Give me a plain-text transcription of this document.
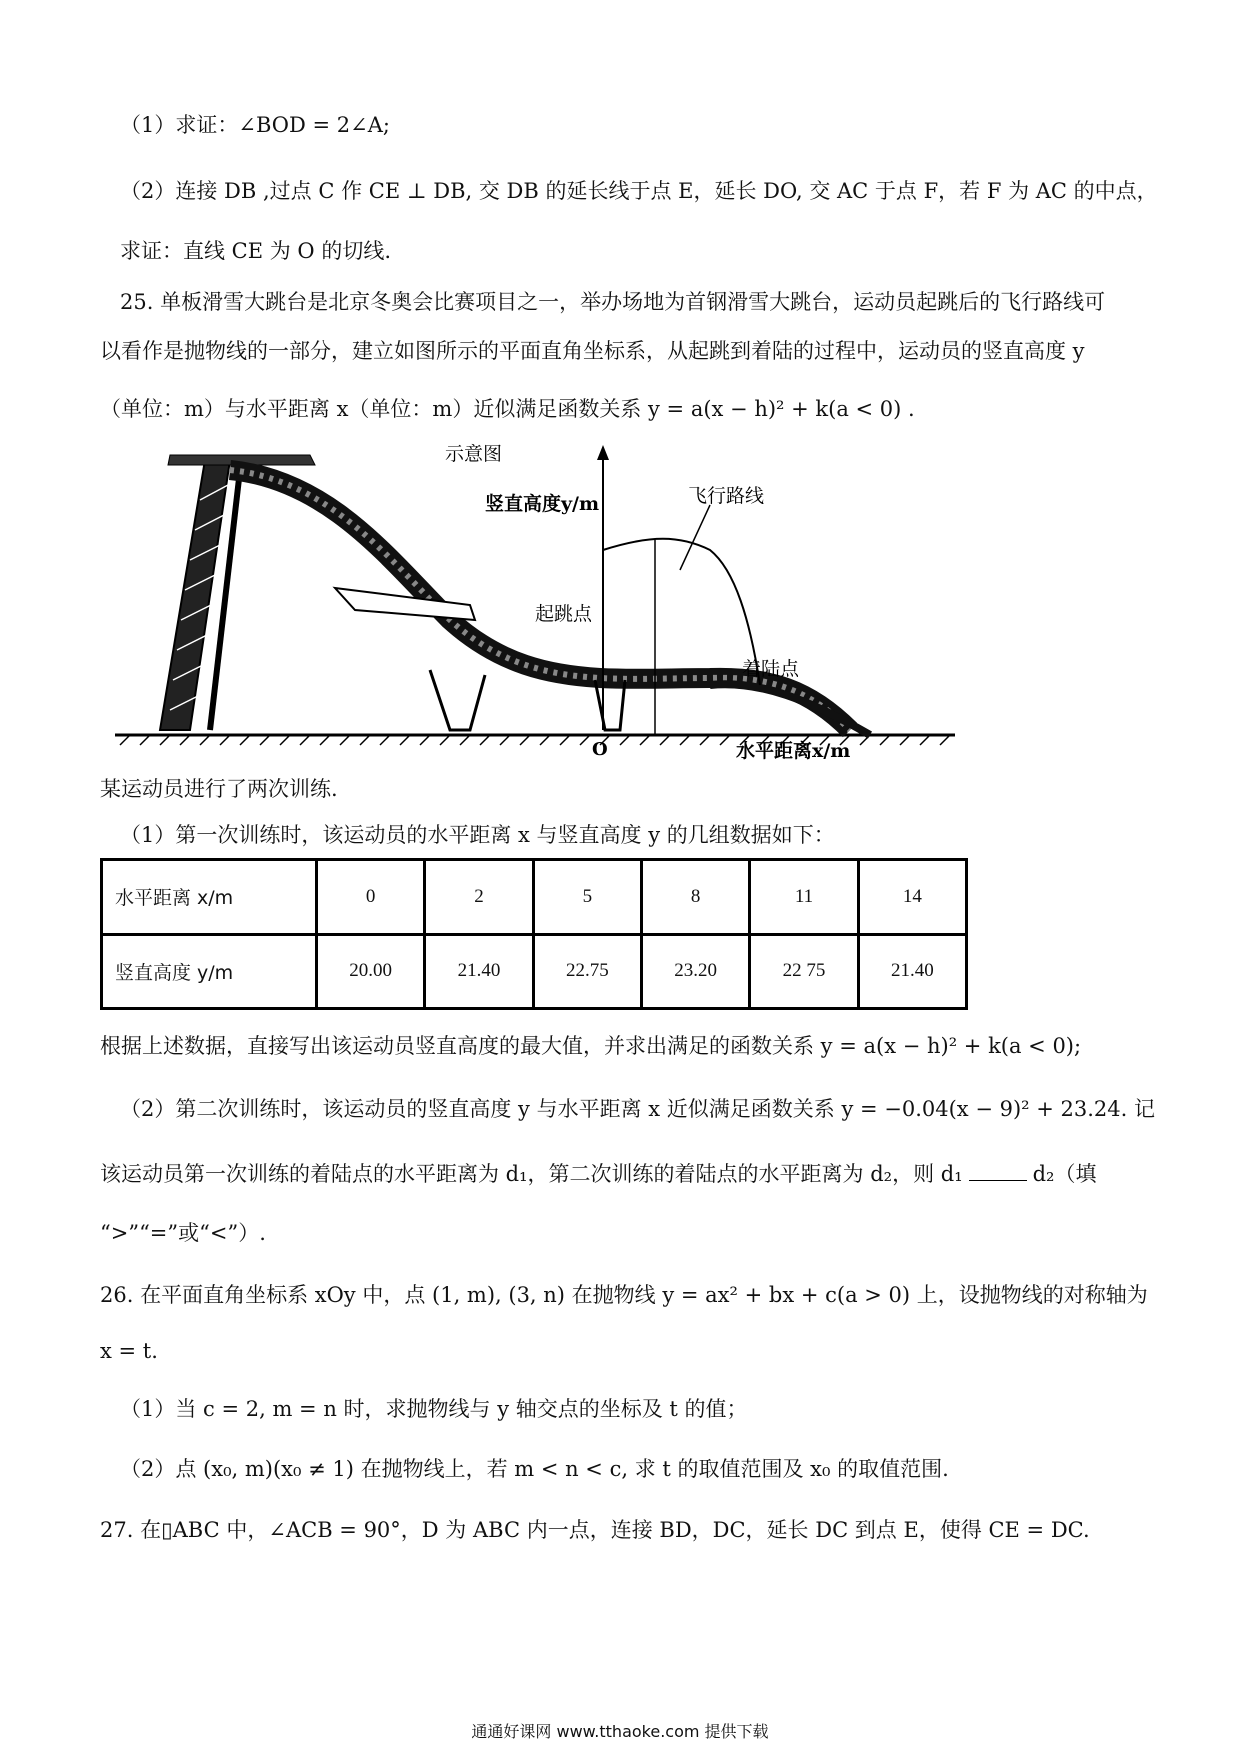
（1）求证：∠BOD = 2∠A;
（2）连接 DB ,过点 C 作 CE ⊥ DB, 交 DB 的延长线于点 E，延长 DO, 交 AC 于点 F，若 F 为 AC 的中点，
求证：直线 CE 为 O 的切线.
25. 单板滑雪大跳台是北京冬奥会比赛项目之一，举办场地为首钢滑雪大跳台，运动员起跳后的飞行路线可
以看作是抛物线的一部分，建立如图所示的平面直角坐标系，从起跳到着陆的过程中，运动员的竖直高度 y
（单位：m）与水平距离 x（单位：m）近似满足函数关系 y = a(x − h)² + k(a < 0) .
示意图
竖直高度y/m	飞行路线
起跳点
着陆点
O	水平距离x/m
某运动员进行了两次训练.
（1）第一次训练时，该运动员的水平距离 x 与竖直高度 y 的几组数据如下：
水平距离 x/m	0	2	5	8	11	14
竖直高度 y/m	20.00	21.40	22.75	23.20	22 75	21.40
根据上述数据，直接写出该运动员竖直高度的最大值，并求出满足的函数关系 y = a(x − h)² + k(a < 0);
（2）第二次训练时，该运动员的竖直高度 y 与水平距离 x 近似满足函数关系 y = −0.04(x − 9)² + 23.24. 记
该运动员第一次训练的着陆点的水平距离为 d₁，第二次训练的着陆点的水平距离为 d₂，则 d₁	d₂（填
“>”“=”或“<”）.
26. 在平面直角坐标系 xOy 中，点 (1, m), (3, n) 在抛物线 y = ax² + bx + c(a > 0) 上，设抛物线的对称轴为
x = t.
（1）当 c = 2, m = n 时，求抛物线与 y 轴交点的坐标及 t 的值；
（2）点 (x₀, m)(x₀ ≠ 1) 在抛物线上，若 m < n < c, 求 t 的取值范围及 x₀ 的取值范围.
27. 在▯ABC 中，∠ACB = 90°，D 为 ABC 内一点，连接 BD，DC，延长 DC 到点 E，使得 CE = DC.
通通好课网 www.tthaoke.com 提供下载
